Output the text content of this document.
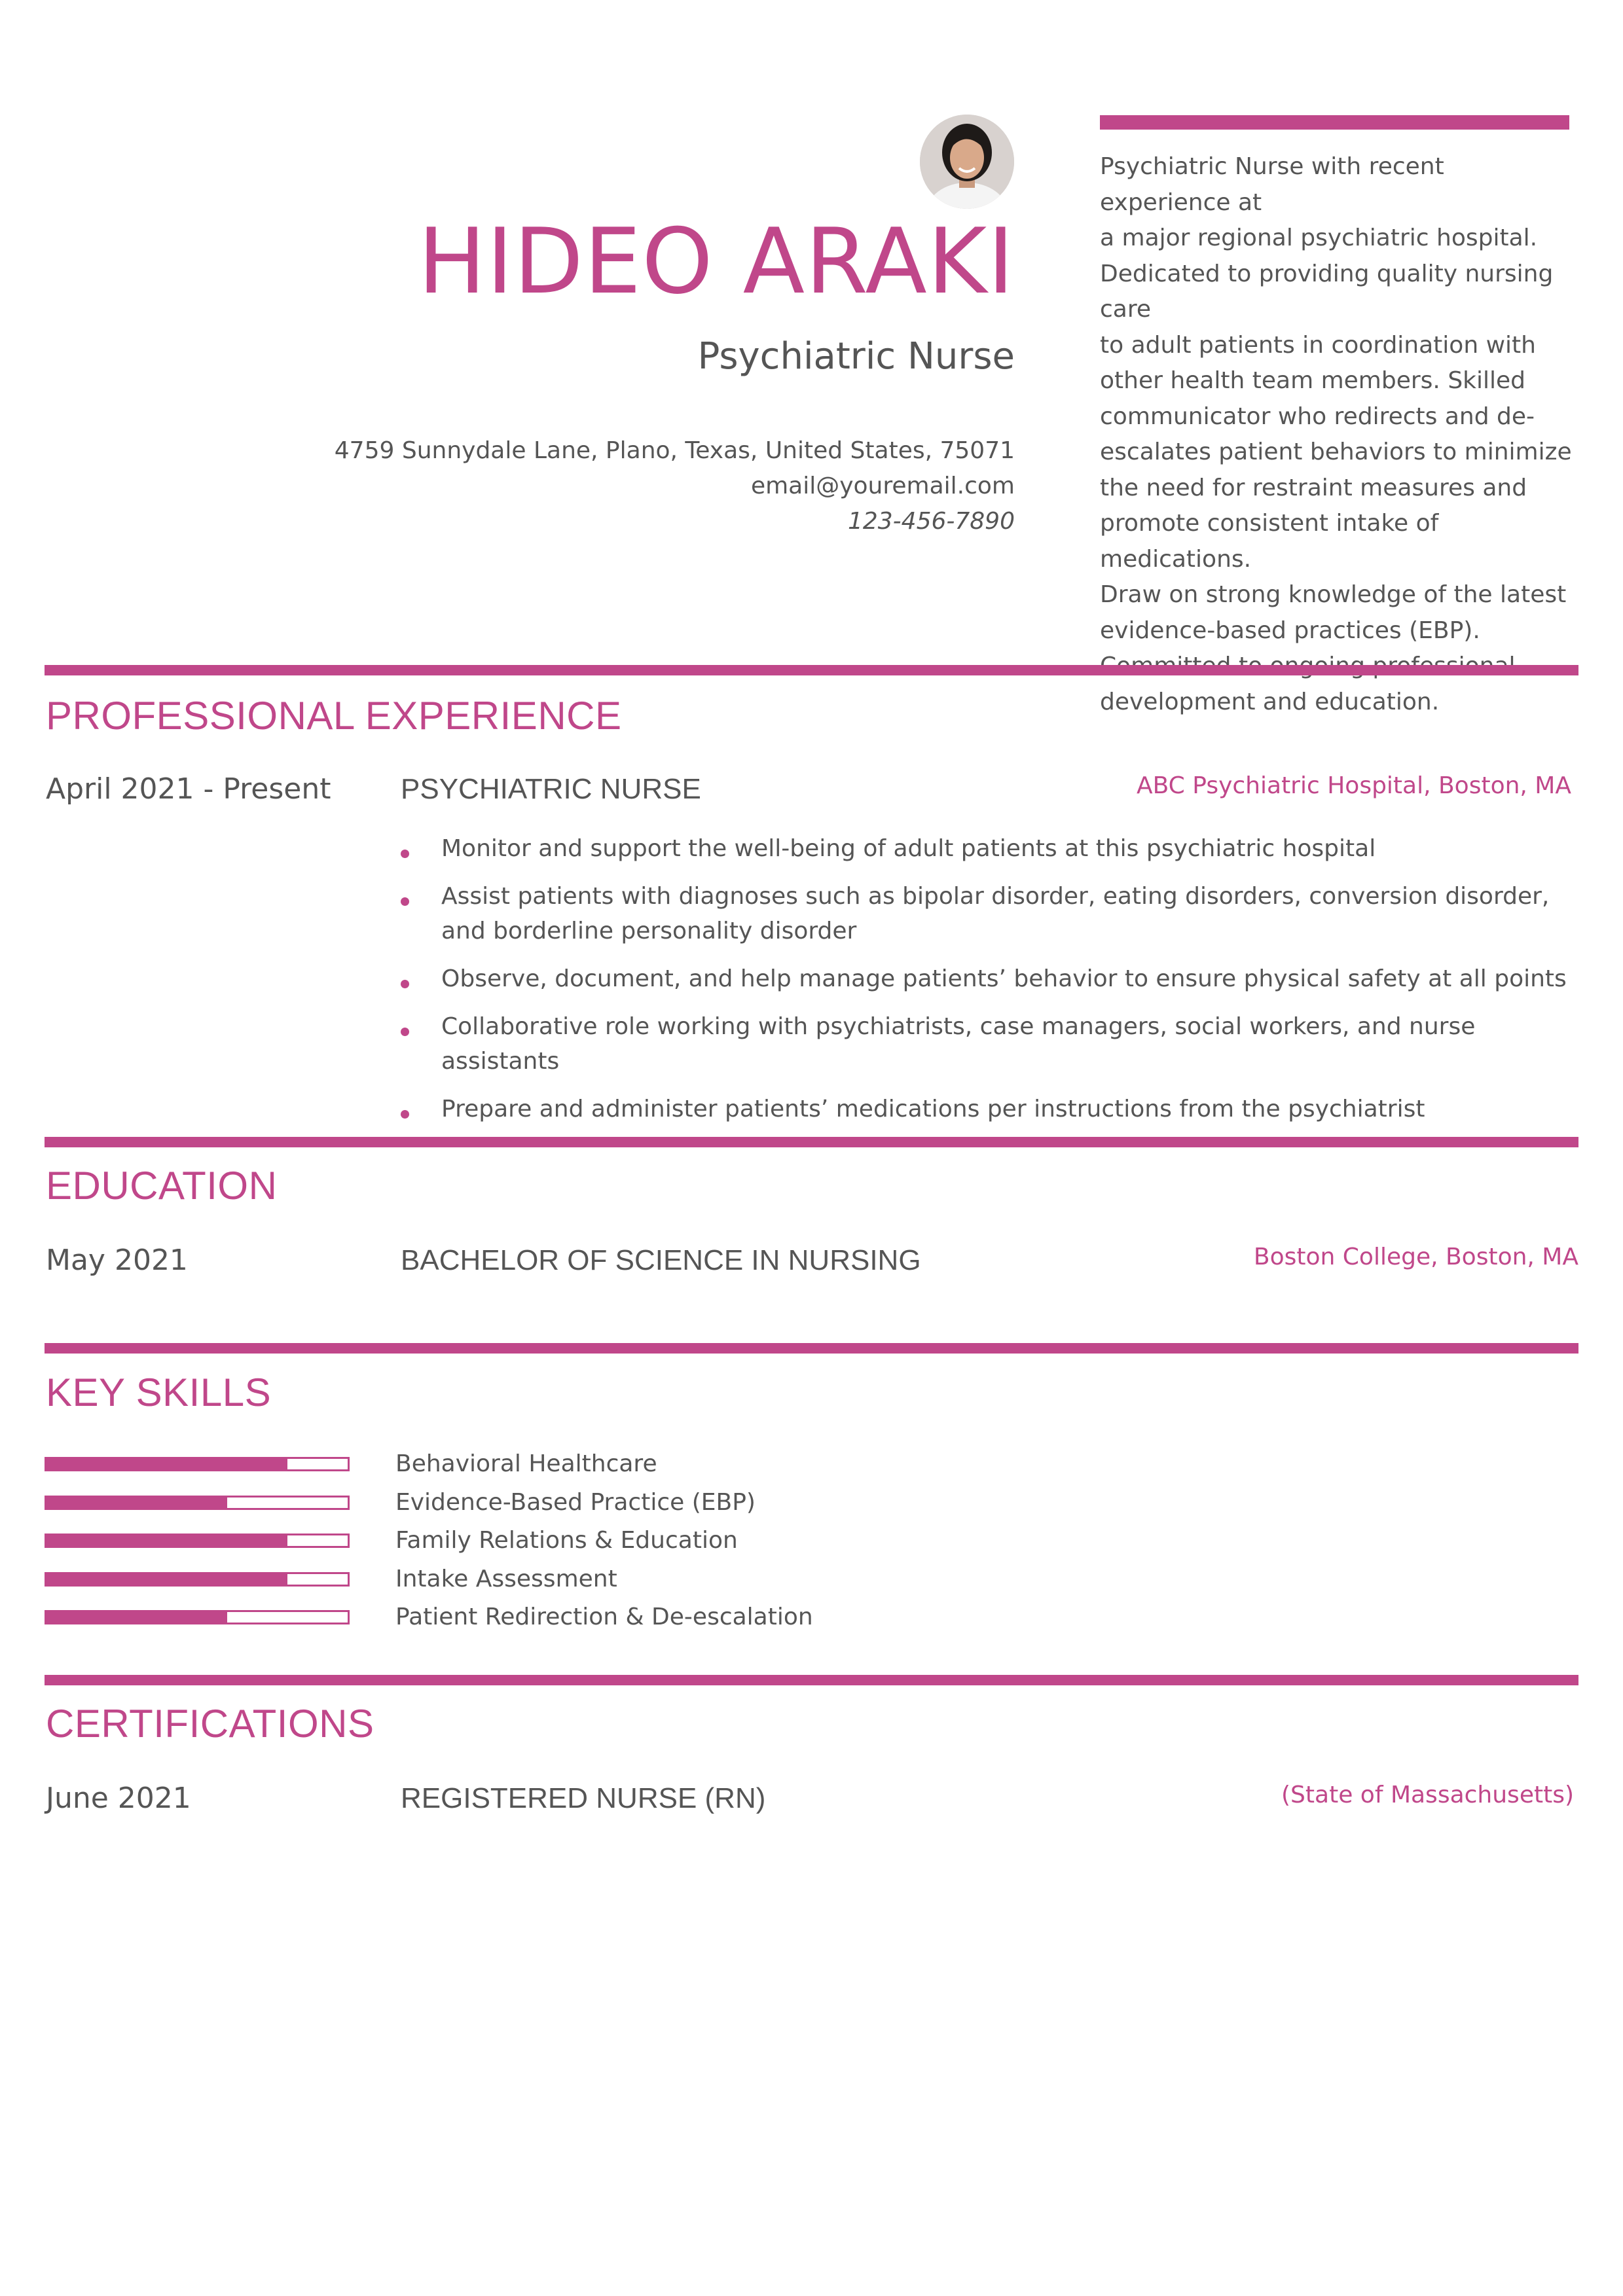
HIDEO ARAKI
Psychiatric Nurse
4759 Sunnydale Lane, Plano, Texas, United States, 75071
email@youremail.com
123-456-7890
Psychiatric Nurse with recent experience at
a major regional psychiatric hospital.
Dedicated to providing quality nursing care
to adult patients in coordination with
other health team members. Skilled
communicator who redirects and de-
escalates patient behaviors to minimize
the need for restraint measures and
promote consistent intake of medications.
Draw on strong knowledge of the latest
evidence-based practices (EBP).

development and education.
PROFESSIONAL EXPERIENCE
April 2021 - Present PSYCHIATRIC NURSE	ABC Psychiatric Hospital, Boston, MA
Monitor and support the well-being of adult patients at this psychiatric hospital
Assist patients with diagnoses such as bipolar disorder, eating disorders, conversion disorder, and borderline personality disorder
Observe, document, and help manage patients’ behavior to ensure physical safety at all points
Collaborative role working with psychiatrists, case managers, social workers, and nurse assistants
Prepare and administer patients’ medications per instructions from the psychiatrist
EDUCATION
May 2021	BACHELOR OF SCIENCE IN NURSING	Boston College, Boston, MA
KEY SKILLS
Behavioral Healthcare
Evidence-Based Practice (EBP)
Family Relations & Education
Intake Assessment
Patient Redirection & De-escalation
CERTIFICATIONS
June 2021	REGISTERED NURSE (RN)	(State of Massachusetts)
